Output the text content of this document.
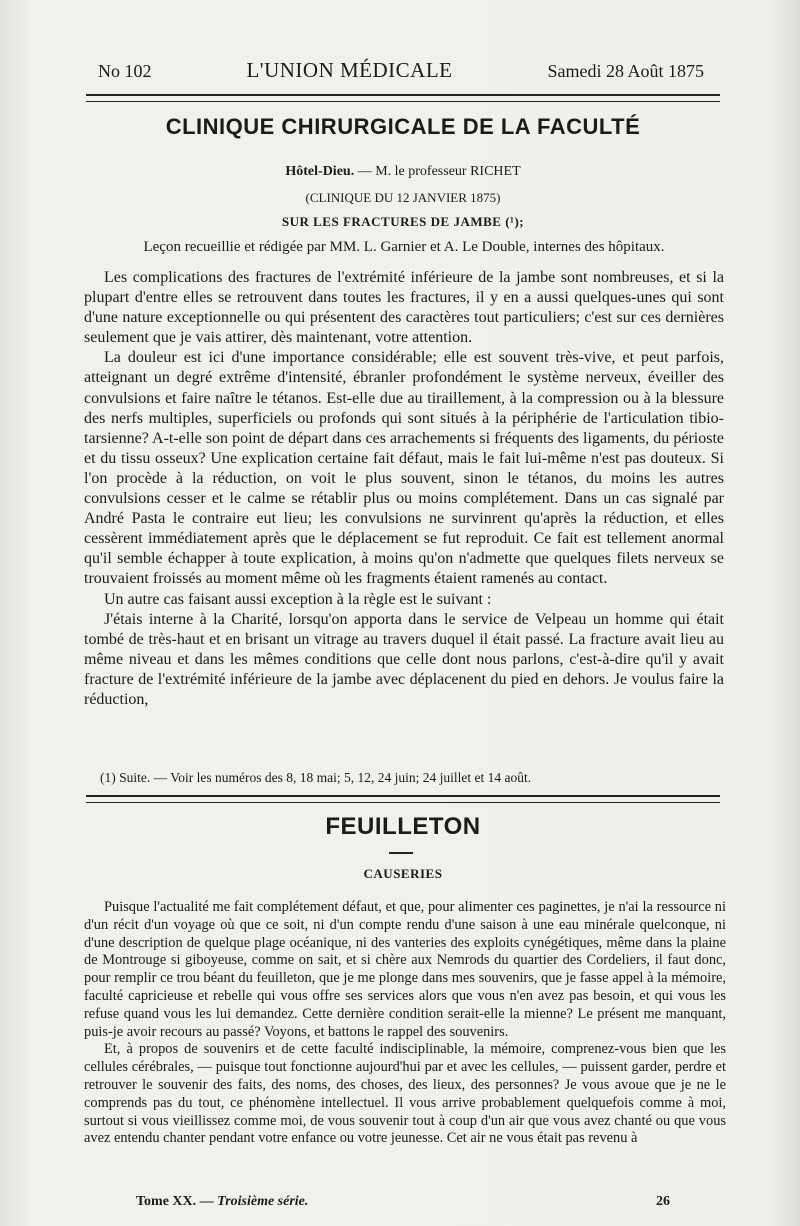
No 102	L'UNION MÉDICALE	Samedi 28 Août 1875
CLINIQUE CHIRURGICALE DE LA FACULTÉ
Hôtel-Dieu. — M. le professeur RICHET
(CLINIQUE DU 12 JANVIER 1875)
SUR LES FRACTURES DE JAMBE (¹);
Leçon recueillie et rédigée par MM. L. Garnier et A. Le Double, internes des hôpitaux.

Les complications des fractures de l'extrémité inférieure de la jambe sont nombreuses, et si la plupart d'entre elles se retrouvent dans toutes les fractures, il y en a aussi quelques-unes qui sont d'une nature exceptionnelle ou qui présentent des caractères tout particuliers; c'est sur ces dernières seulement que je vais attirer, dès maintenant, votre attention.

La douleur est ici d'une importance considérable; elle est souvent très-vive, et peut parfois, atteignant un degré extrême d'intensité, ébranler profondément le système nerveux, éveiller des convulsions et faire naître le tétanos. Est-elle due au tiraillement, à la compression ou à la blessure des nerfs multiples, superficiels ou profonds qui sont situés à la périphérie de l'articulation tibio-tarsienne? A-t-elle son point de départ dans ces arrachements si fréquents des ligaments, du périoste et du tissu osseux? Une explication certaine fait défaut, mais le fait lui-même n'est pas douteux. Si l'on procède à la réduction, on voit le plus souvent, sinon le tétanos, du moins les autres convulsions cesser et le calme se rétablir plus ou moins complétement. Dans un cas signalé par André Pasta le contraire eut lieu; les convulsions ne survinrent qu'après la réduction, et elles cessèrent immédiatement après que le déplacement se fut reproduit. Ce fait est tellement anormal qu'il semble échapper à toute explication, à moins qu'on n'admette que quelques filets nerveux se trouvaient froissés au moment même où les fragments étaient ramenés au contact.

Un autre cas faisant aussi exception à la règle est le suivant :

J'étais interne à la Charité, lorsqu'on apporta dans le service de Velpeau un homme qui était tombé de très-haut et en brisant un vitrage au travers duquel il était passé. La fracture avait lieu au même niveau et dans les mêmes conditions que celle dont nous parlons, c'est-à-dire qu'il y avait fracture de l'extrémité inférieure de la jambe avec déplacenent du pied en dehors. Je voulus faire la réduction,

(1) Suite. — Voir les numéros des 8, 18 mai; 5, 12, 24 juin; 24 juillet et 14 août.
FEUILLETON
CAUSERIES

Puisque l'actualité me fait complétement défaut, et que, pour alimenter ces paginettes, je n'ai la ressource ni d'un récit d'un voyage où que ce soit, ni d'un compte rendu d'une saison à une eau minérale quelconque, ni d'une description de quelque plage océanique, ni des vanteries des exploits cynégétiques, même dans la plaine de Montrouge si giboyeuse, comme on sait, et si chère aux Nemrods du quartier des Cordeliers, il faut donc, pour remplir ce trou béant du feuilleton, que je me plonge dans mes souvenirs, que je fasse appel à la mémoire, faculté capricieuse et rebelle qui vous offre ses services alors que vous n'en avez pas besoin, et qui vous les refuse quand vous les lui demandez. Cette dernière condition serait-elle la mienne? Le présent me manquant, puis-je avoir recours au passé? Voyons, et battons le rappel des souvenirs.

Et, à propos de souvenirs et de cette faculté indisciplinable, la mémoire, comprenez-vous bien que les cellules cérébrales, — puisque tout fonctionne aujourd'hui par et avec les cellules, — puissent garder, perdre et retrouver le souvenir des faits, des noms, des choses, des lieux, des personnes? Je vous avoue que je ne le comprends pas du tout, ce phénomène intellectuel. Il vous arrive probablement quelquefois comme à moi, surtout si vous vieillissez comme moi, de vous souvenir tout à coup d'un air que vous avez chanté ou que vous avez entendu chanter pendant votre enfance ou votre jeunesse. Cet air ne vous était pas revenu à

Tome XX. — Troisième série.	26
